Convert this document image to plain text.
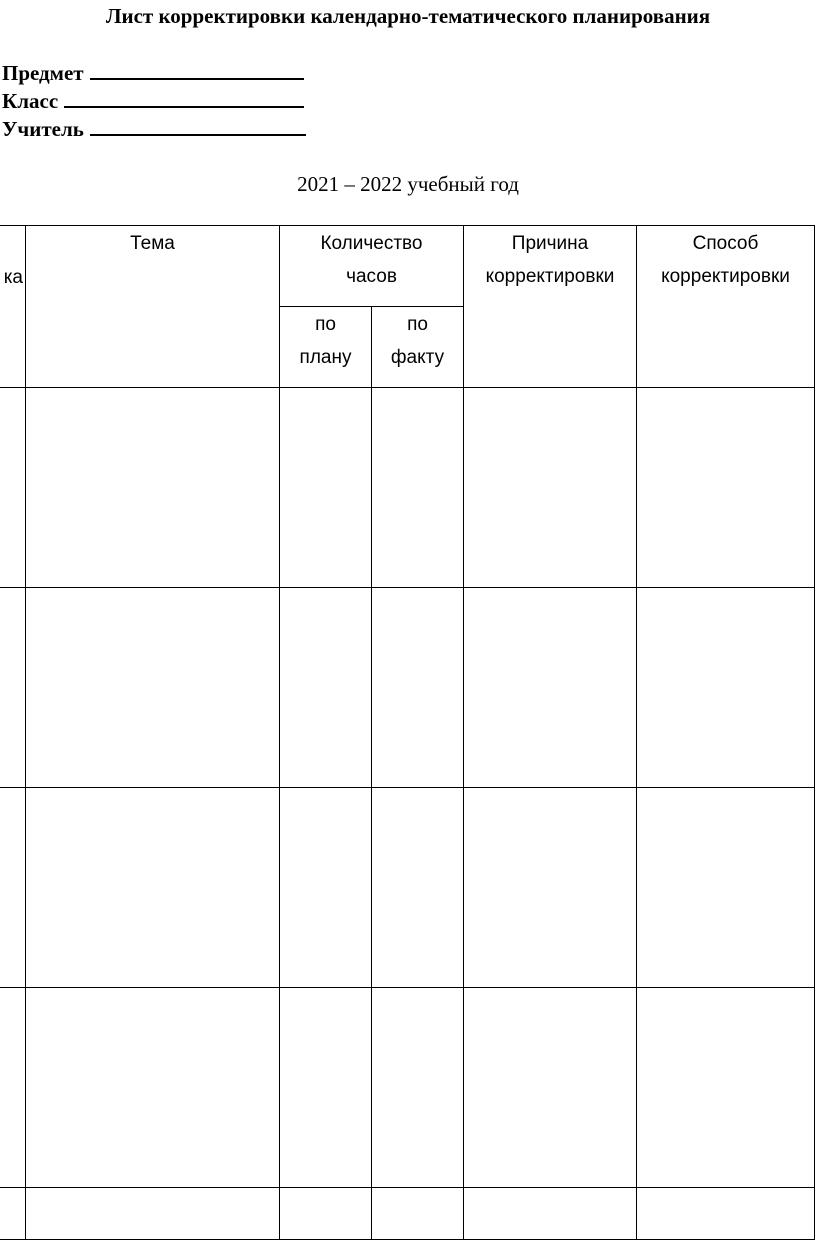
Лист корректировки календарно-тематического планирования
Предмет
Класс
Учитель
2021 – 2022 учебный год
ка	Тема	Количество часов		Причина корректировки	Способ корректировки
		по плану	по факту		
